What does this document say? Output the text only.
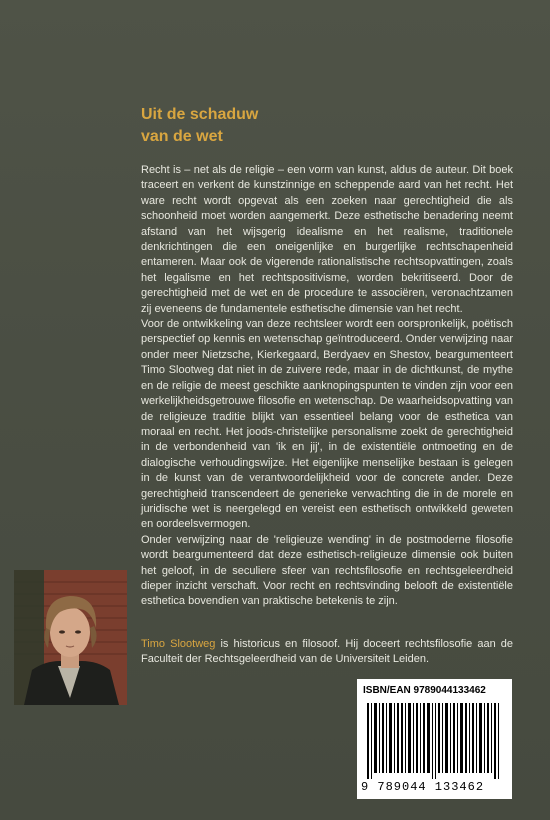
Uit de schaduw
van de wet

Recht is – net als de religie – een vorm van kunst, aldus de auteur. Dit boek traceert en verkent de kunstzinnige en scheppende aard van het recht. Het ware recht wordt opgevat als een zoeken naar gerechtigheid die als schoonheid moet worden aangemerkt. Deze esthetische benadering neemt afstand van het wijsgerig idealisme en het realisme, traditionele denkrichtingen die een oneigenlijke en burgerlijke rechtschapenheid entameren. Maar ook de vigerende rationalistische rechtsopvattingen, zoals het legalisme en het rechtspositivisme, worden bekritiseerd. Door de gerechtigheid met de wet en de procedure te associëren, veronachtzamen zij eveneens de fundamentele esthetische dimensie van het recht.

Voor de ontwikkeling van deze rechtsleer wordt een oorspronkelijk, poëtisch perspectief op kennis en wetenschap geïntroduceerd. Onder verwijzing naar onder meer Nietzsche, Kierkegaard, Berdyaev en Shestov, beargumenteert Timo Slootweg dat niet in de zuivere rede, maar in de dichtkunst, de mythe en de religie de meest geschikte aanknopingspunten te vinden zijn voor een werkelijkheidsgetrouwe filosofie en wetenschap. De waarheidsopvatting van de religieuze traditie blijkt van essentieel belang voor de esthetica van moraal en recht. Het joods-christelijke personalisme zoekt de gerechtigheid in de verbondenheid van 'ik en jij', in de existentiële ontmoeting en de dialogische verhoudingswijze. Het eigenlijke menselijke bestaan is gelegen in de kunst van de verantwoordelijkheid voor de concrete ander. Deze gerechtigheid transcendeert de generieke verwachting die in de morele en juridische wet is neergelegd en vereist een esthetisch ontwikkeld geweten en oordeelsvermogen.

Onder verwijzing naar de 'religieuze wending' in de postmoderne filosofie wordt beargumenteerd dat deze esthetisch-religieuze dimensie ook buiten het geloof, in de seculiere sfeer van rechtsfilosofie en rechtsgeleerdheid dieper inzicht verschaft. Voor recht en rechtsvinding belooft de existentiële esthetica bovendien van praktische betekenis te zijn.

Timo Slootweg is historicus en filosoof. Hij doceert rechtsfilosofie aan de Faculteit der Rechtsgeleerdheid van de Universiteit Leiden.
ISBN/EAN 9789044133462
9 789044 133462
